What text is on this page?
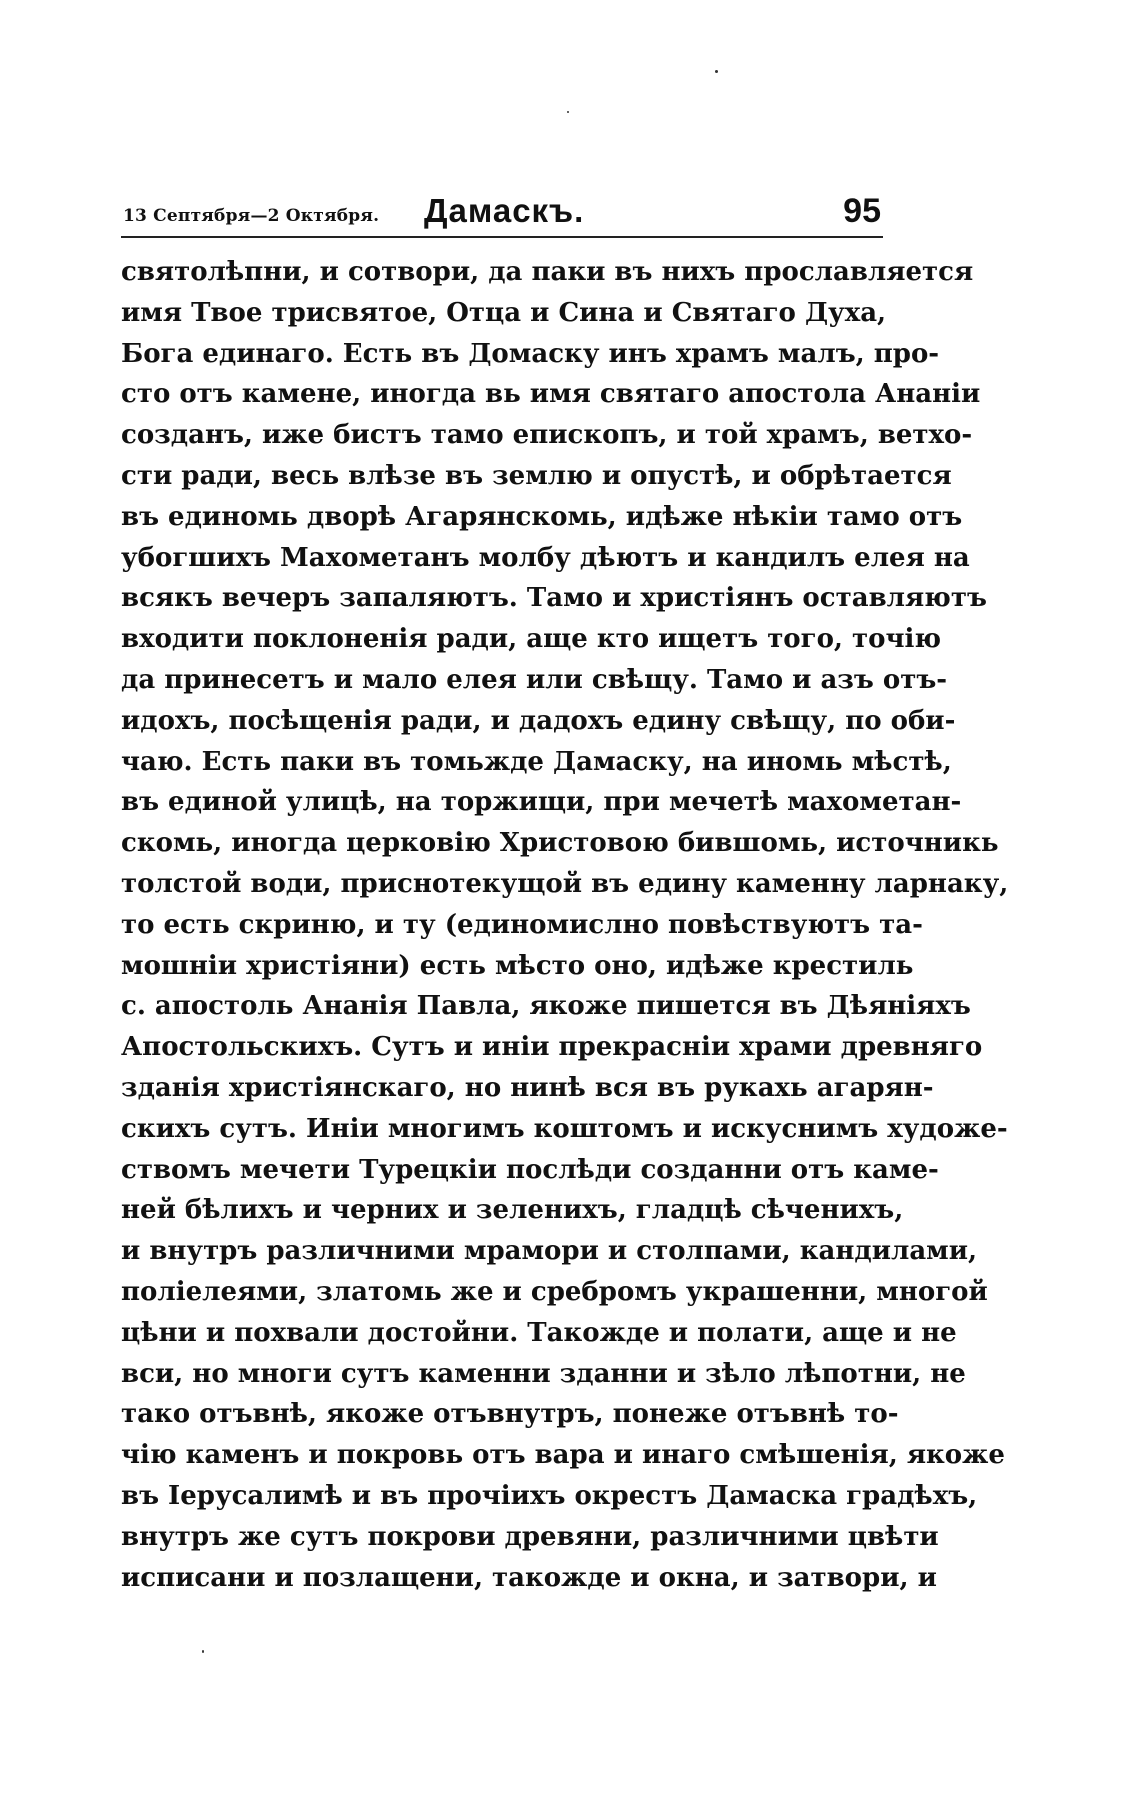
13 Септября—2 Октября. Дамаскъ.	95
святолѣпни, и сотвори, да паки въ нихъ прославляется
имя Твое трисвятое, Отца и Сина и Святаго Духа,
Бога единаго. Есть въ Домаску инъ храмъ малъ, про-
сто отъ камене, иногда вь имя святаго апостола Ананіи
созданъ, иже бистъ тамо епископъ, и той храмъ, ветхо-
сти ради, весь влѣзе въ землю и опустѣ, и обрѣтается
въ единомь дворѣ Агарянскомь, идѣже нѣкіи тамо отъ
убогшихъ Махометанъ молбу дѣютъ и кандилъ елея на
всякъ вечеръ запаляютъ. Тамо и христіянъ оставляютъ
входити поклоненія ради, аще кто ищетъ того, точію
да принесетъ и мало елея или свѣщу. Тамо и азъ отъ-
идохъ, посѣщенія ради, и дадохъ едину свѣщу, по оби-
чаю. Есть паки въ томьжде Дамаску, на иномь мѣстѣ,
въ единой улицѣ, на торжищи, при мечетѣ махометан-
скомь, иногда церковію Христовою бившомь, источникь
толстой води, приснотекущой въ едину каменну ларнаку,
то есть скриню, и ту (единомислно повѣствуютъ та-
мошніи христіяни) есть мѣсто оно, идѣже крестиль
с. апостоль Ананія Павла, якоже пишется въ Дѣяніяхъ
Апостольскихъ. Сутъ и иніи прекрасніи храми древняго
зданія христіянскаго, но нинѣ вся въ рукахь агарян-
скихъ сутъ. Иніи многимъ коштомъ и искуснимъ художе-
ствомъ мечети Турецкіи послѣди созданни отъ каме-
ней бѣлихъ и черних и зеленихъ, гладцѣ сѣченихъ,
и внутръ различними мрамори и столпами, кандилами,
поліелеями, златомь же и сребромъ украшенни, многой
цѣни и похвали достойни. Такожде и полати, аще и не
вси, но многи сутъ каменни зданни и зѣло лѣпотни, не
тако отъвнѣ, якоже отъвнутръ, понеже отъвнѣ то-
чію каменъ и покровь отъ вара и инаго смѣшенія, якоже
въ Іерусалимѣ и въ прочіихъ окрестъ Дамаска градѣхъ,
внутръ же сутъ покрови древяни, различними цвѣти
исписани и позлащени, такожде и окна, и затвори, и
